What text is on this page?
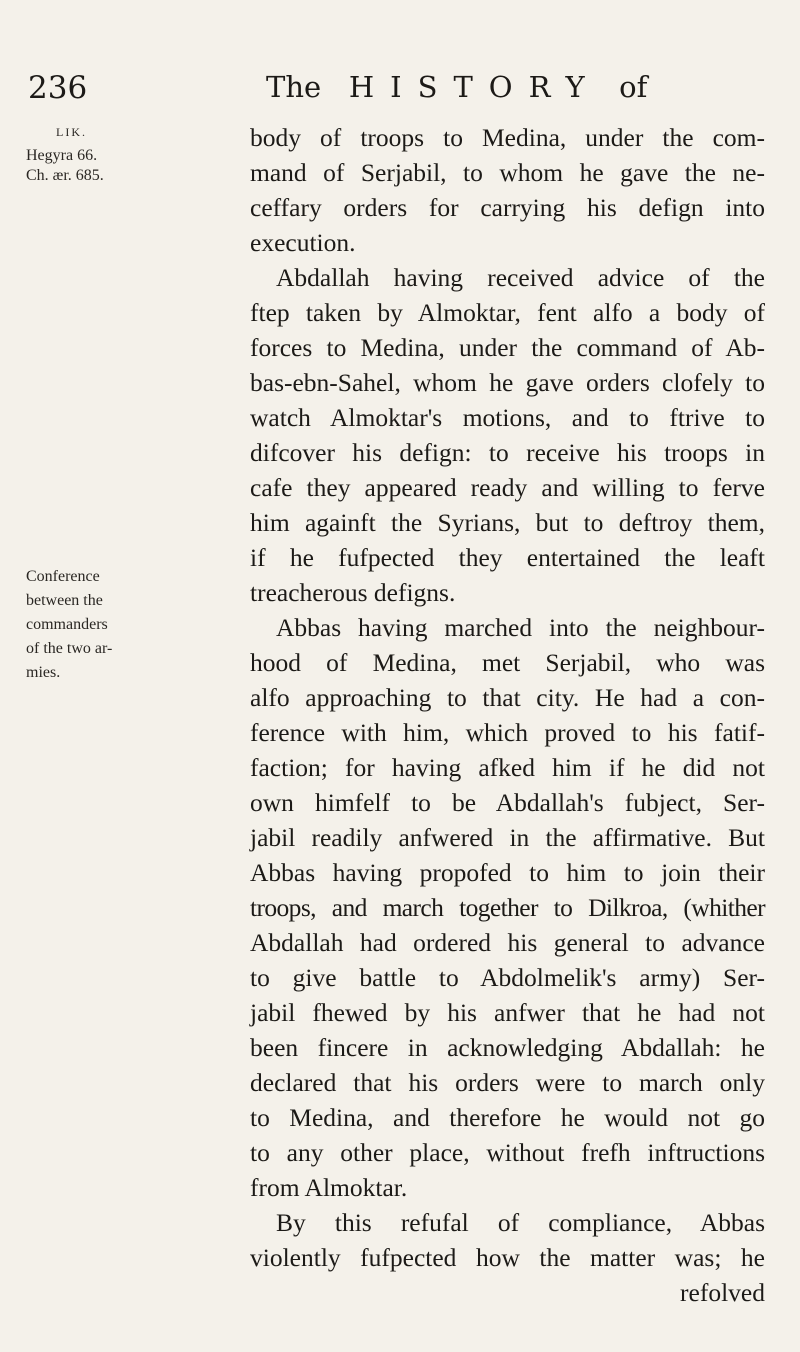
236	The HISTORY of
LIK.
Hegyra 66.
Ch. ær. 685.
Conference
between the
commanders
of the two ar-
mies.
body of troops to Medina, under the com-
mand of Serjabil, to whom he gave the ne-
ceffary orders for carrying his defign into
execution.
Abdallah having received advice of the
ftep taken by Almoktar, fent alfo a body of
forces to Medina, under the command of Ab-
bas-ebn-Sahel, whom he gave orders clofely to
watch Almoktar's motions, and to ftrive to
difcover his defign: to receive his troops in
cafe they appeared ready and willing to ferve
him againft the Syrians, but to deftroy them,
if he fufpected they entertained the leaft
treacherous defigns.
Abbas having marched into the neighbour-
hood of Medina, met Serjabil, who was
alfo approaching to that city. He had a con-
ference with him, which proved to his fatif-
faction; for having afked him if he did not
own himfelf to be Abdallah's fubject, Ser-
jabil readily anfwered in the affirmative. But
Abbas having propofed to him to join their
troops, and march together to Dilkroa, (whither
Abdallah had ordered his general to advance
to give battle to Abdolmelik's army) Ser-
jabil fhewed by his anfwer that he had not
been fincere in acknowledging Abdallah: he
declared that his orders were to march only
to Medina, and therefore he would not go
to any other place, without frefh inftructions
from Almoktar.
By this refufal of compliance, Abbas
violently fufpected how the matter was; he
refolved
